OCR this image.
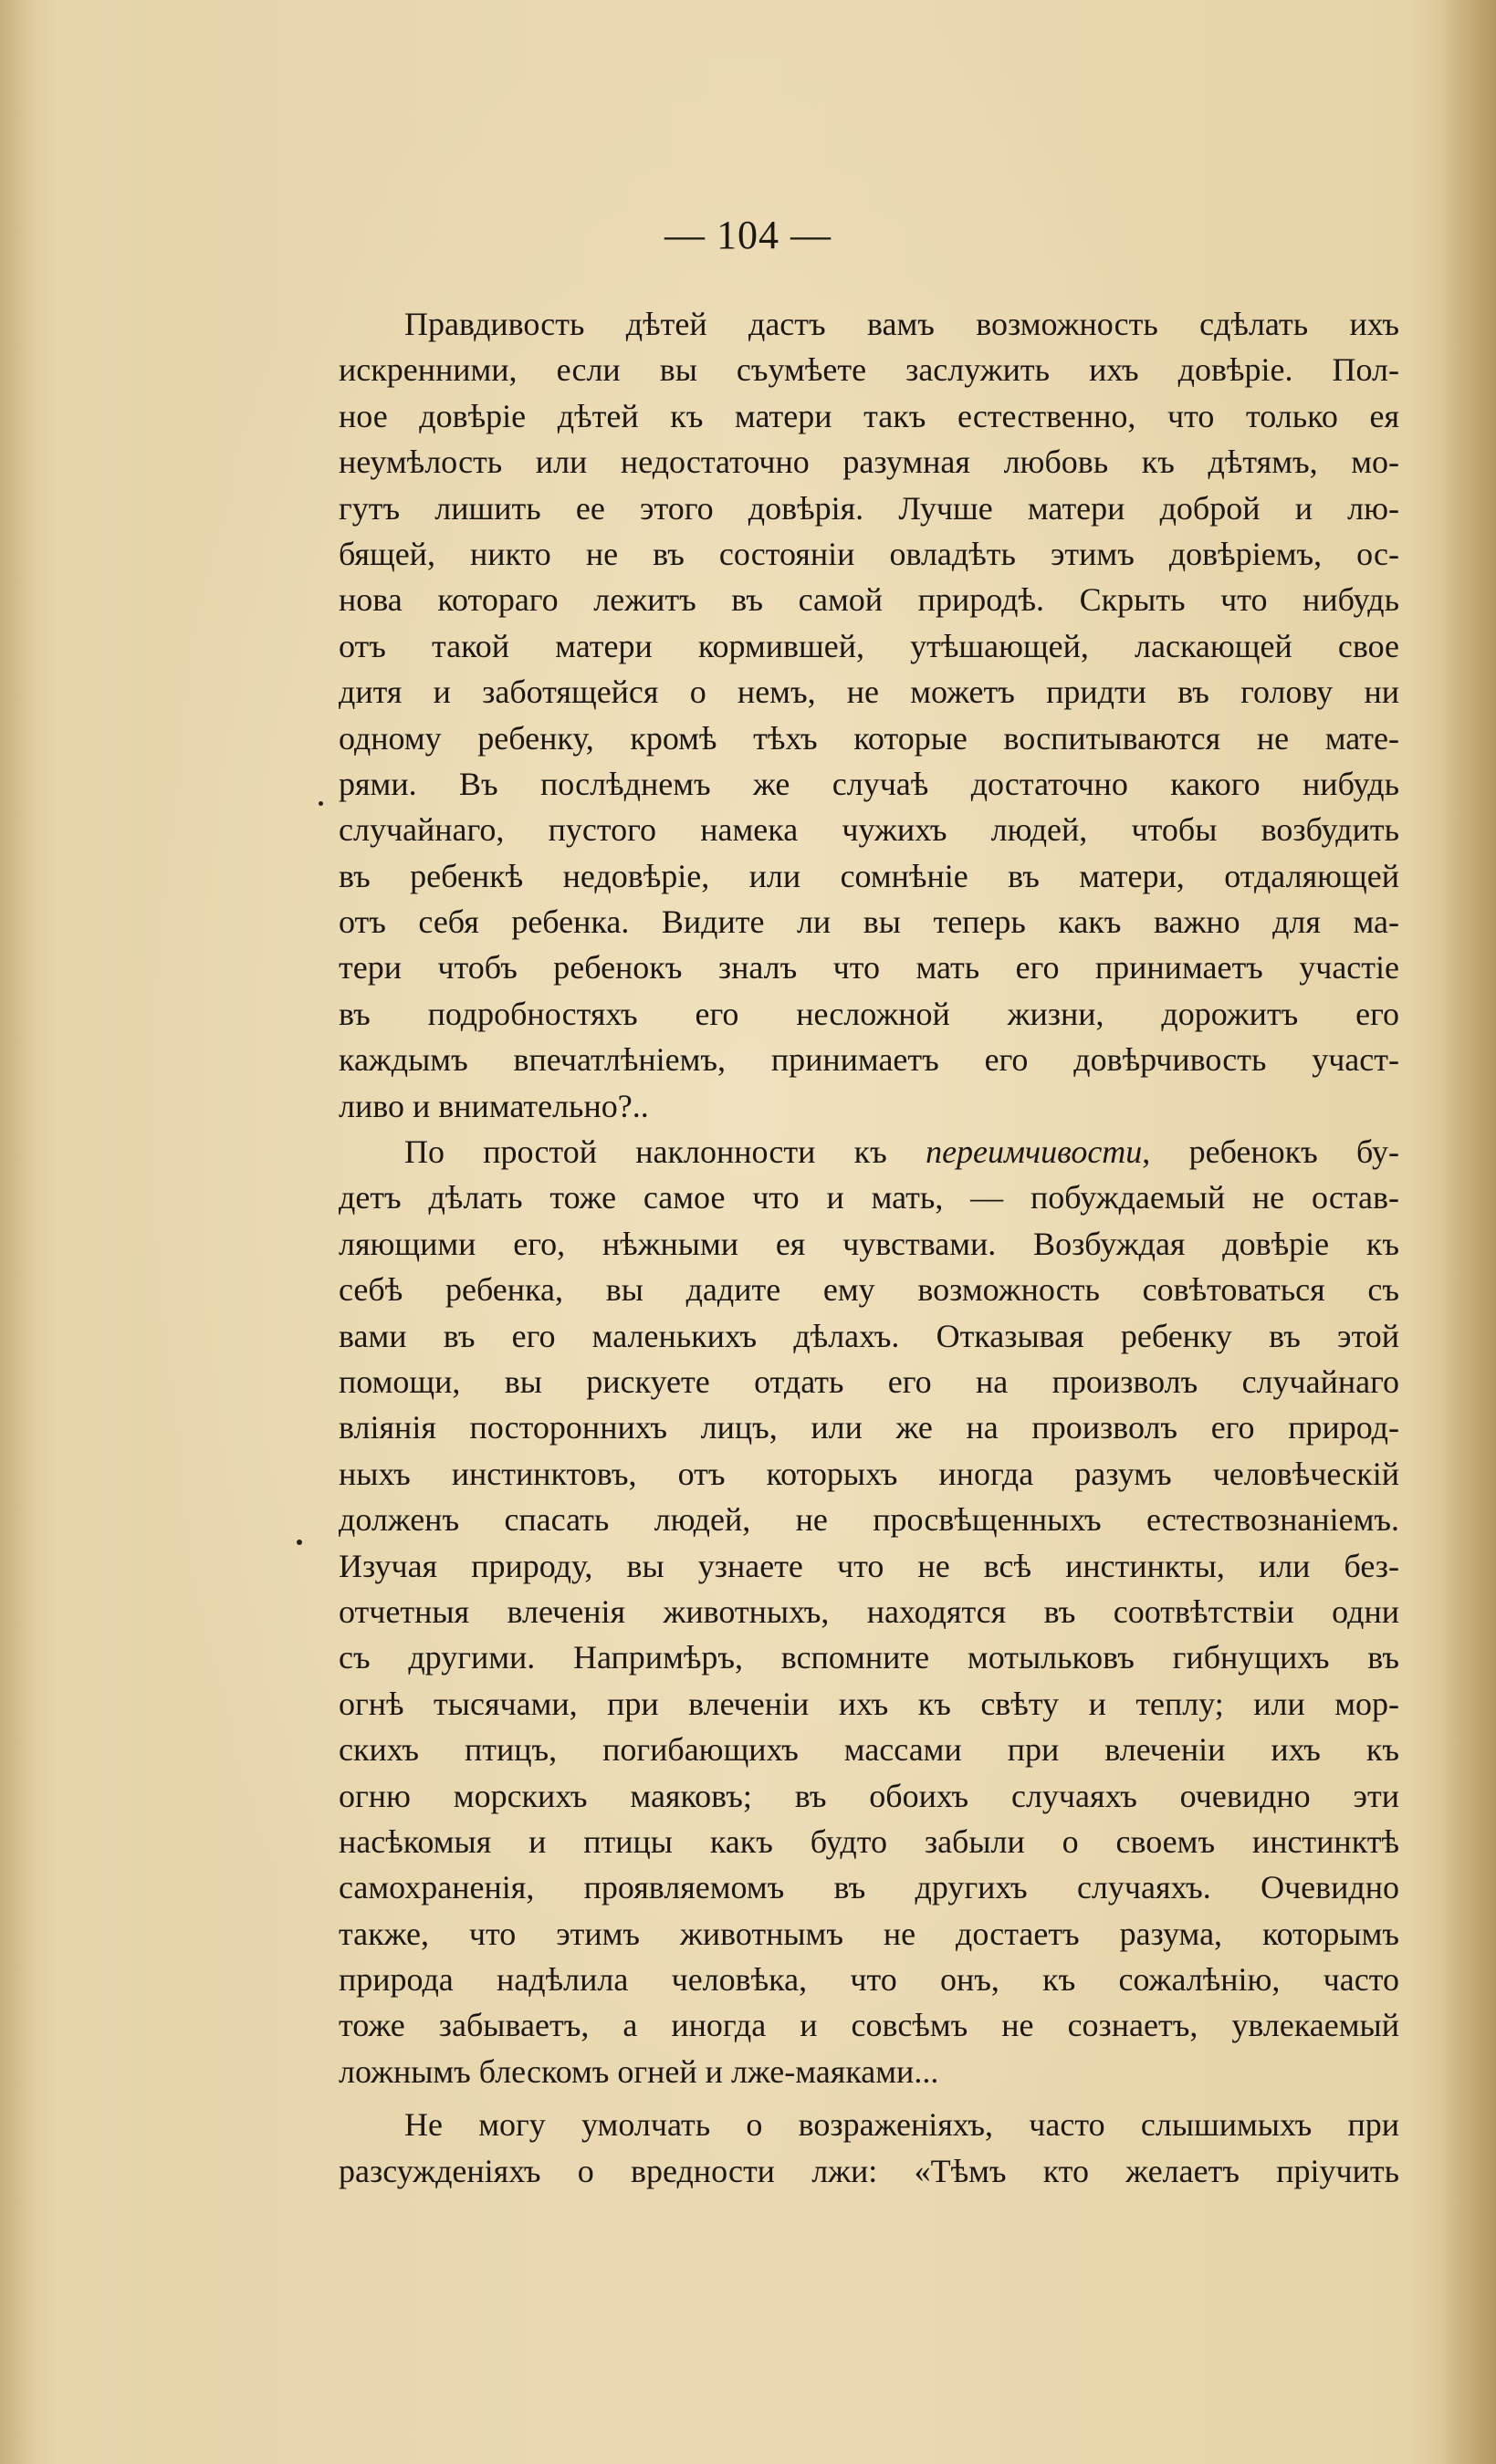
— 104 —
Правдивость дѣтей дастъ вамъ возможность сдѣлать ихъ
искренними, если вы съумѣете заслужить ихъ довѣріе. Пол-
ное довѣріе дѣтей къ матери такъ естественно, что только ея
неумѣлость или недостаточно разумная любовь къ дѣтямъ, мо-
гутъ лишить ее этого довѣрія. Лучше матери доброй и лю-
бящей, никто не въ состояніи овладѣть этимъ довѣріемъ, ос-
нова котораго лежитъ въ самой природѣ. Скрыть что нибудь
отъ такой матери кормившей, утѣшающей, ласкающей свое
дитя и заботящейся о немъ, не можетъ придти въ голову ни
одному ребенку, кромѣ тѣхъ которые воспитываются не мате-
рями. Въ послѣднемъ же случаѣ достаточно какого нибудь
случайнаго, пустого намека чужихъ людей, чтобы возбудить
въ ребенкѣ недовѣріе, или сомнѣніе въ матери, отдаляющей
отъ себя ребенка. Видите ли вы теперь какъ важно для ма-
тери чтобъ ребенокъ зналъ что мать его принимаетъ участіе
въ подробностяхъ его несложной жизни, дорожитъ его
каждымъ впечатлѣніемъ, принимаетъ его довѣрчивость участ-
ливо и внимательно?..
По простой наклонности къ переимчивости, ребенокъ бу-
детъ дѣлать тоже самое что и мать, — побуждаемый не остав-
ляющими его, нѣжными ея чувствами. Возбуждая довѣріе къ
себѣ ребенка, вы дадите ему возможность совѣтоваться съ
вами въ его маленькихъ дѣлахъ. Отказывая ребенку въ этой
помощи, вы рискуете отдать его на произволъ случайнаго
вліянія постороннихъ лицъ, или же на произволъ его природ-
ныхъ инстинктовъ, отъ которыхъ иногда разумъ человѣческій
долженъ спасать людей, не просвѣщенныхъ естествознаніемъ.
Изучая природу, вы узнаете что не всѣ инстинкты, или без-
отчетныя влеченія животныхъ, находятся въ соотвѣтствіи одни
съ другими. Напримѣръ, вспомните мотыльковъ гибнущихъ въ
огнѣ тысячами, при влеченіи ихъ къ свѣту и теплу; или мор-
скихъ птицъ, погибающихъ массами при влеченіи ихъ къ
огню морскихъ маяковъ; въ обоихъ случаяхъ очевидно эти
насѣкомыя и птицы какъ будто забыли о своемъ инстинктѣ
самохраненія, проявляемомъ въ другихъ случаяхъ. Очевидно
также, что этимъ животнымъ не достаетъ разума, которымъ
природа надѣлила человѣка, что онъ, къ сожалѣнію, часто
тоже забываетъ, а иногда и совсѣмъ не сознаетъ, увлекаемый
ложнымъ блескомъ огней и лже-маяками...
Не могу умолчать о возраженіяхъ, часто слышимыхъ при
разсужденіяхъ о вредности лжи: «Тѣмъ кто желаетъ пріучить
